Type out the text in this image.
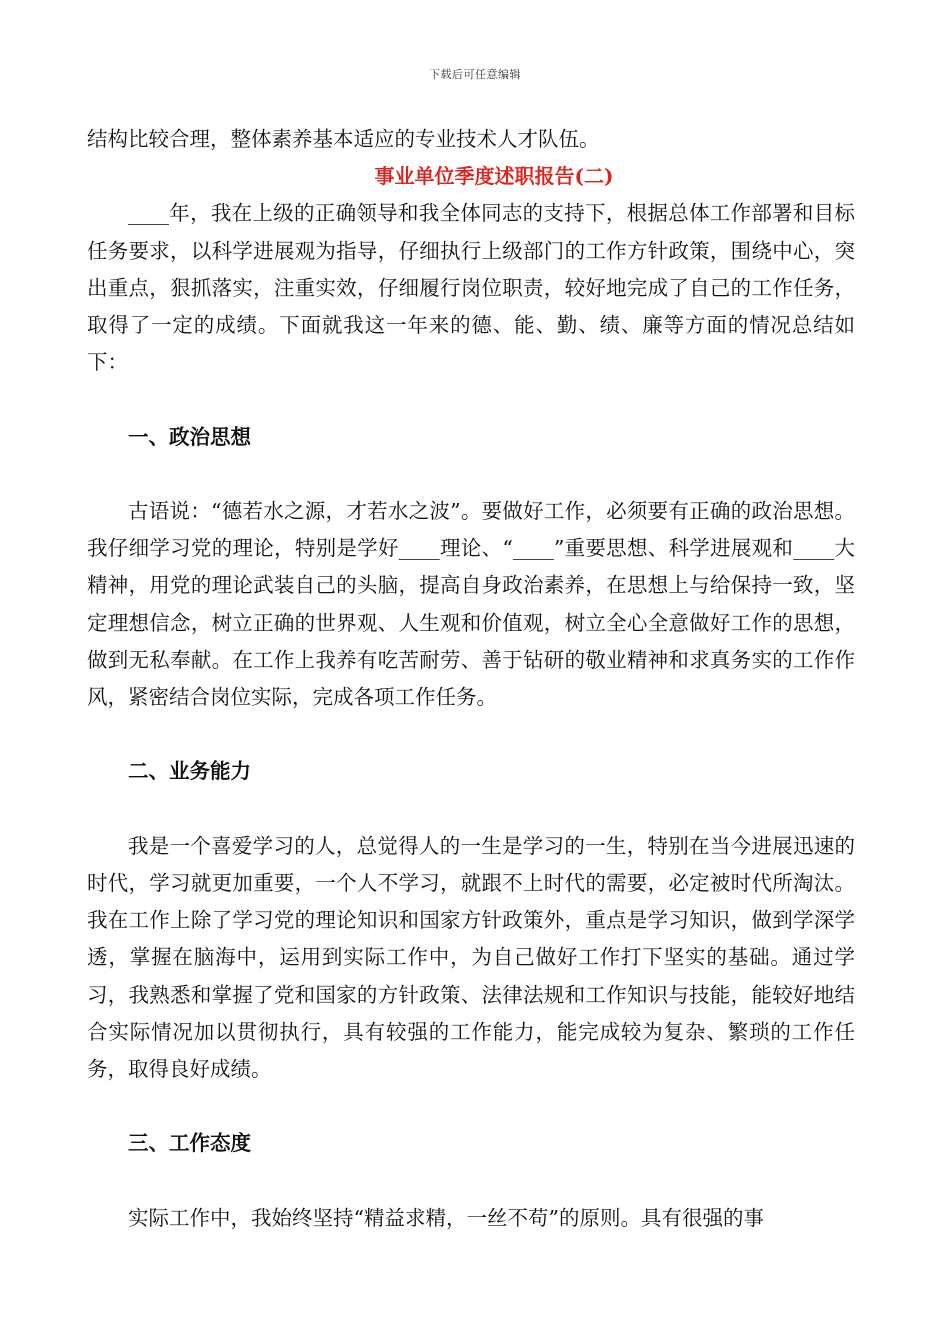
下载后可任意编辑

结构比较合理，整体素养基本适应的专业技术人才队伍。

事业单位季度述职报告(二)

____年，我在上级的正确领导和我全体同志的支持下，根据总体工作部署和目标任务要求，以科学进展观为指导，仔细执行上级部门的工作方针政策，围绕中心，突出重点，狠抓落实，注重实效，仔细履行岗位职责，较好地完成了自己的工作任务，取得了一定的成绩。下面就我这一年来的德、能、勤、绩、廉等方面的情况总结如下：

一、政治思想

古语说：“德若水之源，才若水之波”。要做好工作，必须要有正确的政治思想。我仔细学习党的理论，特别是学好____理论、“____”重要思想、科学进展观和____大精神，用党的理论武装自己的头脑，提高自身政治素养，在思想上与给保持一致，坚定理想信念，树立正确的世界观、人生观和价值观，树立全心全意做好工作的思想，做到无私奉献。在工作上我养有吃苦耐劳、善于钻研的敬业精神和求真务实的工作作风，紧密结合岗位实际，完成各项工作任务。

二、业务能力

我是一个喜爱学习的人，总觉得人的一生是学习的一生，特别在当今进展迅速的时代，学习就更加重要，一个人不学习，就跟不上时代的需要，必定被时代所淘汰。我在工作上除了学习党的理论知识和国家方针政策外，重点是学习知识，做到学深学透，掌握在脑海中，运用到实际工作中，为自己做好工作打下坚实的基础。通过学习，我熟悉和掌握了党和国家的方针政策、法律法规和工作知识与技能，能较好地结合实际情况加以贯彻执行，具有较强的工作能力，能完成较为复杂、繁琐的工作任务，取得良好成绩。

三、工作态度

实际工作中，我始终坚持“精益求精，一丝不苟”的原则。具有很强的事
